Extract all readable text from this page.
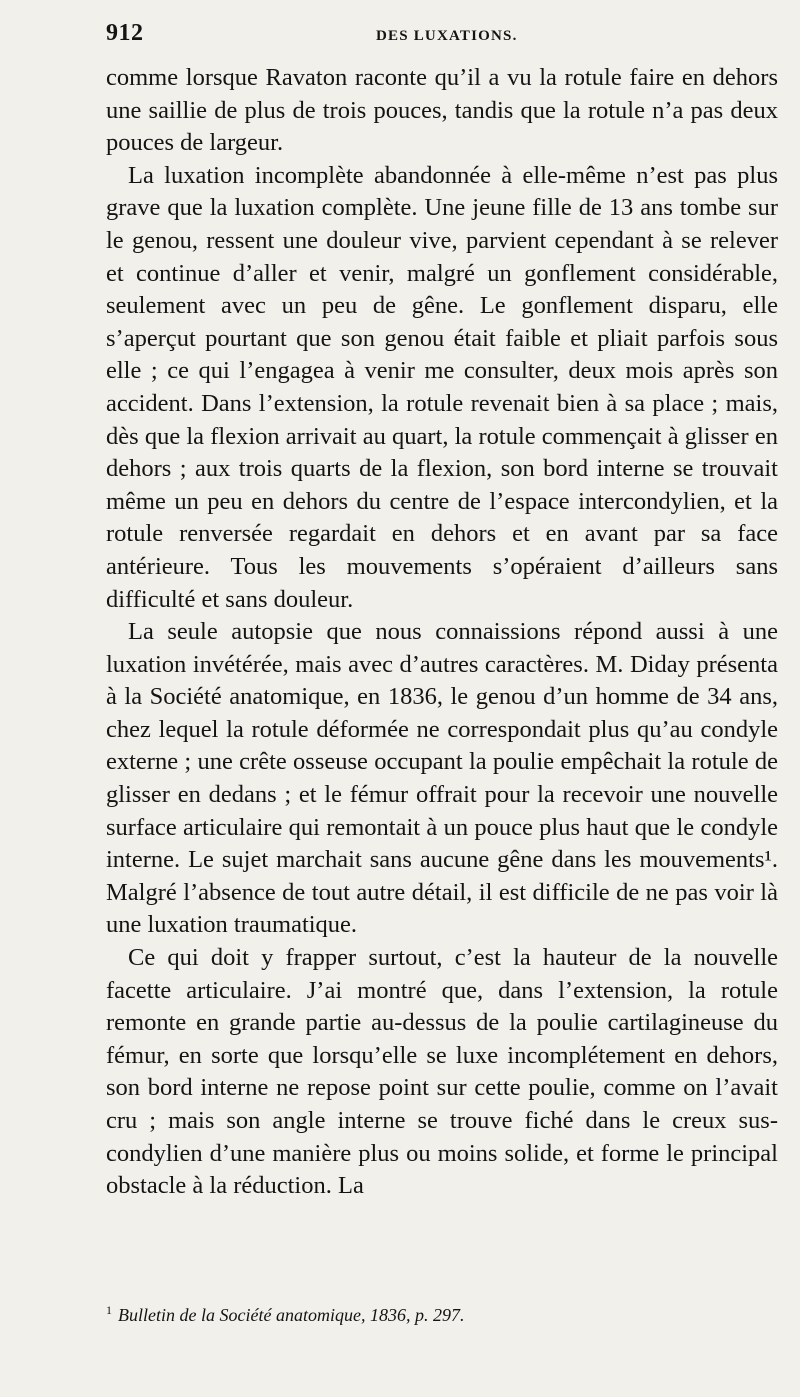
912	DES LUXATIONS.

comme lorsque Ravaton raconte qu’il a vu la rotule faire en dehors une saillie de plus de trois pouces, tandis que la rotule n’a pas deux pouces de largeur.

La luxation incomplète abandonnée à elle-même n’est pas plus grave que la luxation complète. Une jeune fille de 13 ans tombe sur le genou, ressent une douleur vive, parvient cependant à se relever et continue d’aller et venir, malgré un gonflement considérable, seulement avec un peu de gêne. Le gonflement disparu, elle s’aperçut pourtant que son genou était faible et pliait parfois sous elle ; ce qui l’engagea à venir me consulter, deux mois après son accident. Dans l’extension, la rotule revenait bien à sa place ; mais, dès que la flexion arrivait au quart, la rotule commençait à glisser en dehors ; aux trois quarts de la flexion, son bord interne se trouvait même un peu en dehors du centre de l’espace intercondylien, et la rotule renversée regardait en dehors et en avant par sa face antérieure. Tous les mouvements s’opéraient d’ailleurs sans difficulté et sans douleur.

La seule autopsie que nous connaissions répond aussi à une luxation invétérée, mais avec d’autres caractères. M. Diday présenta à la Société anatomique, en 1836, le genou d’un homme de 34 ans, chez lequel la rotule déformée ne correspondait plus qu’au condyle externe ; une crête osseuse occupant la poulie empêchait la rotule de glisser en dedans ; et le fémur offrait pour la recevoir une nouvelle surface articulaire qui remontait à un pouce plus haut que le condyle interne. Le sujet marchait sans aucune gêne dans les mouvements¹. Malgré l’absence de tout autre détail, il est difficile de ne pas voir là une luxation traumatique.

Ce qui doit y frapper surtout, c’est la hauteur de la nouvelle facette articulaire. J’ai montré que, dans l’extension, la rotule remonte en grande partie au-dessus de la poulie cartilagineuse du fémur, en sorte que lorsqu’elle se luxe incomplétement en dehors, son bord interne ne repose point sur cette poulie, comme on l’avait cru ; mais son angle interne se trouve fiché dans le creux sus-condylien d’une manière plus ou moins solide, et forme le principal obstacle à la réduction. La

$^1$ Bulletin de la Société anatomique, 1836, p. 297.
